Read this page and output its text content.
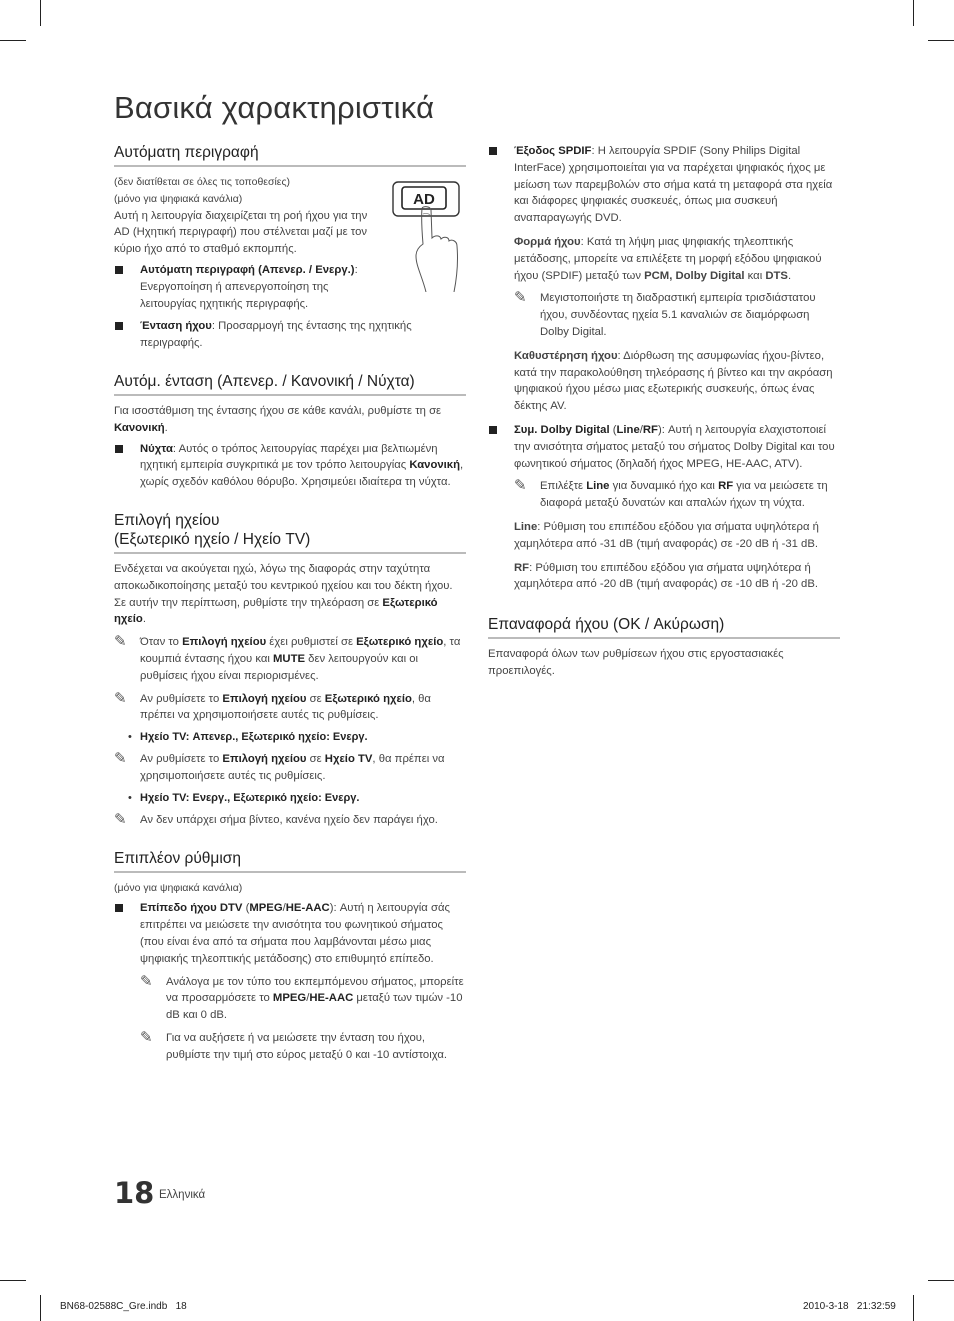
Βασικά χαρακτηριστικά
AD
Αυτόματη περιγραφή

(δεν διατίθεται σε όλες τις τοποθεσίες)

(μόνο για ψηφιακά κανάλια)

Αυτή η λειτουργία διαχειρίζεται τη ροή ήχου για την AD (Ηχητική περιγραφή) που στέλνεται μαζί με τον κύριο ήχο από το σταθμό εκπομπής.

Αυτόματη περιγραφή (Απενερ. / Ενεργ.): Ενεργοποίηση ή απενεργοποίηση της λειτουργίας ηχητικής περιγραφής.
Ένταση ήχου: Προσαρμογή της έντασης της ηχητικής περιγραφής.
Αυτόμ. ένταση (Απενερ. / Κανονική / Νύχτα)

Για ισοστάθμιση της έντασης ήχου σε κάθε κανάλι, ρυθμίστε τη σε Κανονική.

Νύχτα: Αυτός ο τρόπος λειτουργίας παρέχει μια βελτιωμένη ηχητική εμπειρία συγκριτικά με τον τρόπο λειτουργίας Κανονική, χωρίς σχεδόν καθόλου θόρυβο. Χρησιμεύει ιδιαίτερα τη νύχτα.
Επιλογή ηχείου
(Εξωτερικό ηχείο / Ηχείο TV)

Ενδέχεται να ακούγεται ηχώ, λόγω της διαφοράς στην ταχύτητα αποκωδικοποίησης μεταξύ του κεντρικού ηχείου και του δέκτη ήχου. Σε αυτήν την περίπτωση, ρυθμίστε την τηλεόραση σε Εξωτερικό ηχείο.

✎ Όταν το Επιλογή ηχείου έχει ρυθμιστεί σε Εξωτερικό ηχείο, τα κουμπιά έντασης ήχου και MUTE δεν λειτουργούν και οι ρυθμίσεις ήχου είναι περιορισμένες.
✎ Αν ρυθμίσετε το Επιλογή ηχείου σε Εξωτερικό ηχείο, θα πρέπει να χρησιμοποιήσετε αυτές τις ρυθμίσεις.
• Ηχείο TV: Απενερ., Εξωτερικό ηχείο: Ενεργ.
✎ Αν ρυθμίσετε το Επιλογή ηχείου σε Ηχείο TV, θα πρέπει να χρησιμοποιήσετε αυτές τις ρυθμίσεις.
• Ηχείο TV: Ενεργ., Εξωτερικό ηχείο: Ενεργ.
✎ Αν δεν υπάρχει σήμα βίντεο, κανένα ηχείο δεν παράγει ήχο.
Επιπλέον ρύθμιση

(μόνο για ψηφιακά κανάλια)

Επίπεδο ήχου DTV (MPEG/HE-AAC): Αυτή η λειτουργία σάς επιτρέπει να μειώσετε την ανισότητα του φωνητικού σήματος (που είναι ένα από τα σήματα που λαμβάνονται μέσω μιας ψηφιακής τηλεοπτικής μετάδοσης) στο επιθυμητό επίπεδο.
✎ Ανάλογα με τον τύπο του εκπεμπόμενου σήματος, μπορείτε να προσαρμόσετε το MPEG/HE-AAC μεταξύ των τιμών -10 dB και 0 dB.
✎ Για να αυξήσετε ή να μειώσετε την ένταση του ήχου, ρυθμίστε την τιμή στο εύρος μεταξύ 0 και -10 αντίστοιχα.
Έξοδος SPDIF: Η λειτουργία SPDIF (Sony Philips Digital InterFace) χρησιμοποιείται για να παρέχεται ψηφιακός ήχος με μείωση των παρεμβολών στο σήμα κατά τη μεταφορά στα ηχεία και διάφορες ψηφιακές συσκευές, όπως μια συσκευή αναπαραγωγής DVD.

Φορμά ήχου: Κατά τη λήψη μιας ψηφιακής τηλεοπτικής μετάδοσης, μπορείτε να επιλέξετε τη μορφή εξόδου ψηφιακού ήχου (SPDIF) μεταξύ των PCM, Dolby Digital και DTS.

✎ Μεγιστοποιήστε τη διαδραστική εμπειρία τρισδιάστατου ήχου, συνδέοντας ηχεία 5.1 καναλιών σε διαμόρφωση Dolby Digital.

Καθυστέρηση ήχου: Διόρθωση της ασυμφωνίας ήχου-βίντεο, κατά την παρακολούθηση τηλεόρασης ή βίντεο και την ακρόαση ψηφιακού ήχου μέσω μιας εξωτερικής συσκευής, όπως ένας δέκτης AV.

Συμ. Dolby Digital (Line/RF): Αυτή η λειτουργία ελαχιστοποιεί την ανισότητα σήματος μεταξύ του σήματος Dolby Digital και του φωνητικού σήματος (δηλαδή ήχος MPEG, HE-AAC, ATV).
✎ Επιλέξτε Line για δυναμικό ήχο και RF για να μειώσετε τη διαφορά μεταξύ δυνατών και απαλών ήχων τη νύχτα.

Line: Ρύθμιση του επιπέδου εξόδου για σήματα υψηλότερα ή χαμηλότερα από -31 dB (τιμή αναφοράς) σε -20 dB ή -31 dB.

RF: Ρύθμιση του επιπέδου εξόδου για σήματα υψηλότερα ή χαμηλότερα από -20 dB (τιμή αναφοράς) σε -10 dB ή -20 dB.

Επαναφορά ήχου (OK / Ακύρωση)

Επαναφορά όλων των ρυθμίσεων ήχου στις εργοστασιακές προεπιλογές.

18 Ελληνικά
BN68-02588C_Gre.indb   18	2010-3-18   21:32:59
